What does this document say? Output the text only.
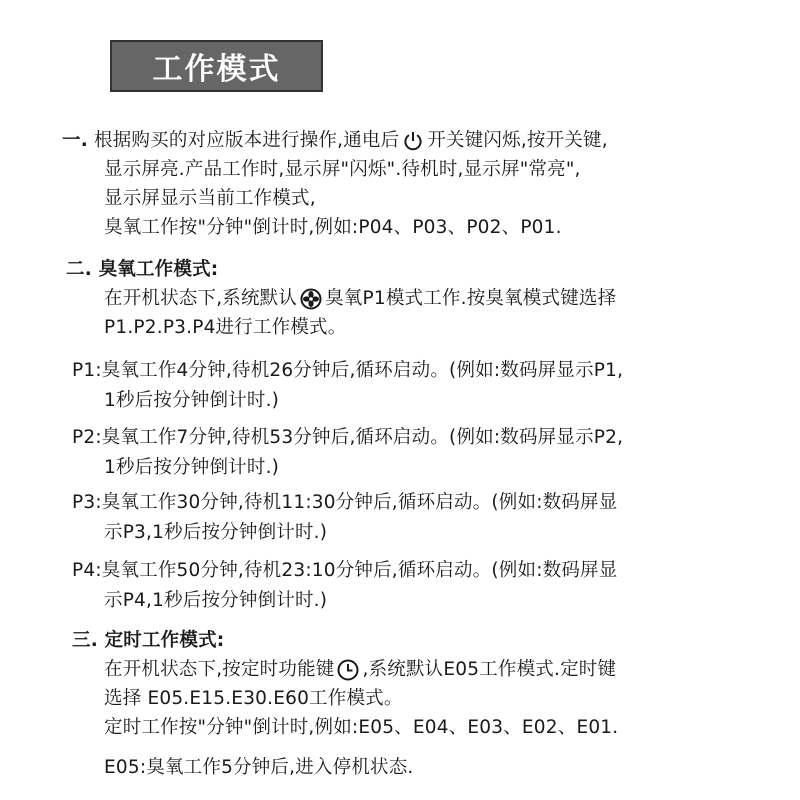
工作模式
一. 根据购买的对应版本进行操作,通电后 开关键闪烁,按开关键,
显示屏亮.产品工作时,显示屏"闪烁".待机时,显示屏"常亮",
显示屏显示当前工作模式,
臭氧工作按"分钟"倒计时,例如:P04、P03、P02、P01.
二. 臭氧工作模式:
在开机状态下,系统默认 臭氧P1模式工作.按臭氧模式键选择
P1.P2.P3.P4进行工作模式。
P1:臭氧工作4分钟,待机26分钟后,循环启动。(例如:数码屏显示P1,
1秒后按分钟倒计时.)
P2:臭氧工作7分钟,待机53分钟后,循环启动。(例如:数码屏显示P2,
1秒后按分钟倒计时.)
P3:臭氧工作30分钟,待机11:30分钟后,循环启动。(例如:数码屏显
示P3,1秒后按分钟倒计时.)
P4:臭氧工作50分钟,待机23:10分钟后,循环启动。(例如:数码屏显
示P4,1秒后按分钟倒计时.)
三. 定时工作模式:
在开机状态下,按定时功能键 ,系统默认E05工作模式.定时键
选择 E05.E15.E30.E60工作模式。
定时工作按"分钟"倒计时,例如:E05、E04、E03、E02、E01.
E05:臭氧工作5分钟后,进入停机状态.
